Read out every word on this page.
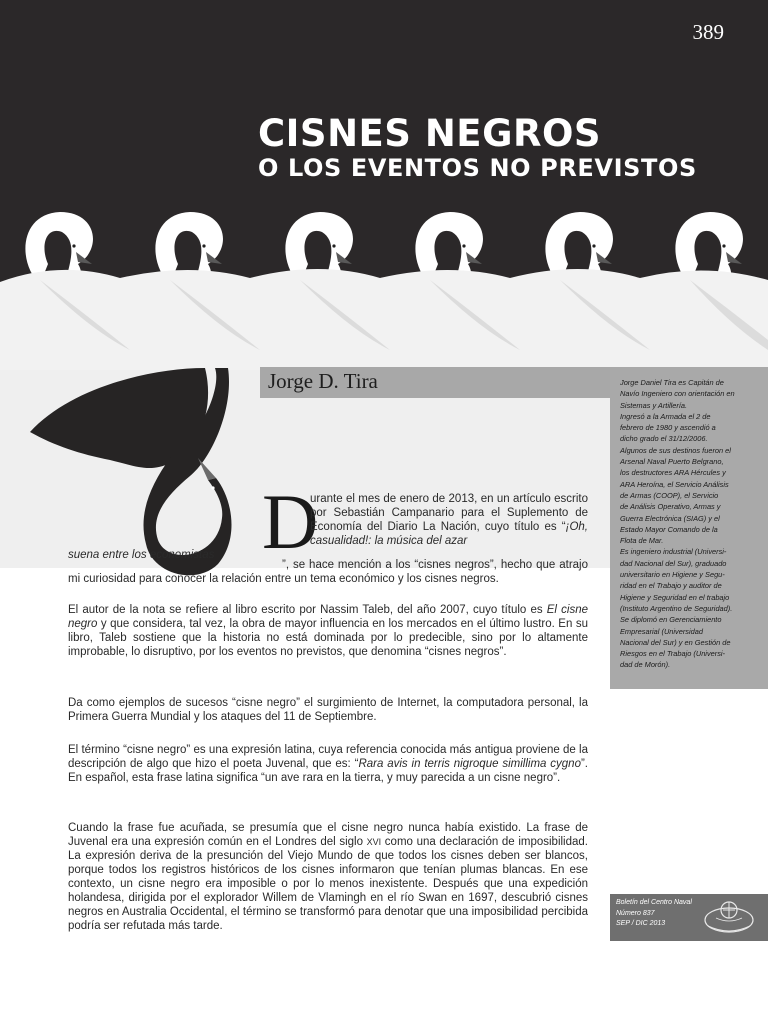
389
CISNES NEGROS
O LOS EVENTOS NO PREVISTOS
Jorge D. Tira	Jorge Daniel Tira es Capitán de
Navío Ingeniero con orientación en
Sistemas y Artillería.
Ingresó a la Armada el 2 de
febrero de 1980 y ascendió a
dicho grado el 31/12/2006.
Algunos de sus destinos fueron el
Arsenal Naval Puerto Belgrano,
los destructores ARA Hércules y
ARA Heroína, el Servicio Análisis
de Armas (COOP), el Servicio
de Análisis Operativo, Armas y
Guerra Electrónica (SIAG) y el
Estado Mayor Comando de la
Flota de Mar.
Es ingeniero industrial (Universi-
dad Nacional del Sur), graduado
universitario en Higiene y Segu-
ridad en el Trabajo y auditor de
Higiene y Seguridad en el trabajo
(Instituto Argentino de Seguridad).
Se diplomó en Gerenciamiento
Empresarial (Universidad
Nacional del Sur) y en Gestión de
Riesgos en el Trabajo (Universi-
dad de Morón).
D

urante el mes de enero de 2013, en un artículo escrito por Sebastián Campanario para el Suplemento de Economía del Diario La Nación, cuyo título es “¡Oh, casualidad!: la música del azar

suena entre los economistas

”, se hace mención a los “cisnes negros”, hecho que atrajo mi curiosidad para conocer la relación entre un tema económico y los cisnes negros.

El autor de la nota se refiere al libro escrito por Nassim Taleb, del año 2007, cuyo título es El cisne negro y que considera, tal vez, la obra de mayor influencia en los mercados en el último lustro. En su libro, Taleb sostiene que la historia no está dominada por lo predecible, sino por lo altamente improbable, lo disruptivo, por los eventos no previstos, que denomina “cisnes negros”.

Da como ejemplos de sucesos “cisne negro” el surgimiento de Internet, la computadora personal, la Primera Guerra Mundial y los ataques del 11 de Septiembre.

El término “cisne negro” es una expresión latina, cuya referencia conocida más antigua proviene de la descripción de algo que hizo el poeta Juvenal, que es: “Rara avis in terris nigroque simillima cygno”. En español, esta frase latina significa “un ave rara en la tierra, y muy parecida a un cisne negro”.

Cuando la frase fue acuñada, se presumía que el cisne negro nunca había existido. La frase de Juvenal era una expresión común en el Londres del siglo XVI como una declaración de imposibilidad. La expresión deriva de la presunción del Viejo Mundo de que todos los cisnes deben ser blancos, porque todos los registros históricos de los cisnes informaron que tenían plumas blancas. En ese contexto, un cisne negro era imposible o por lo menos inexistente. Después que una expedición holandesa, dirigida por el explorador Willem de Vlamingh en el río Swan en 1697, descubrió cisnes negros en Australia Occidental, el término se transformó para denotar que una imposibilidad percibida podría ser refutada más tarde.

Boletín del Centro Naval
Número 837
SEP / DIC 2013
